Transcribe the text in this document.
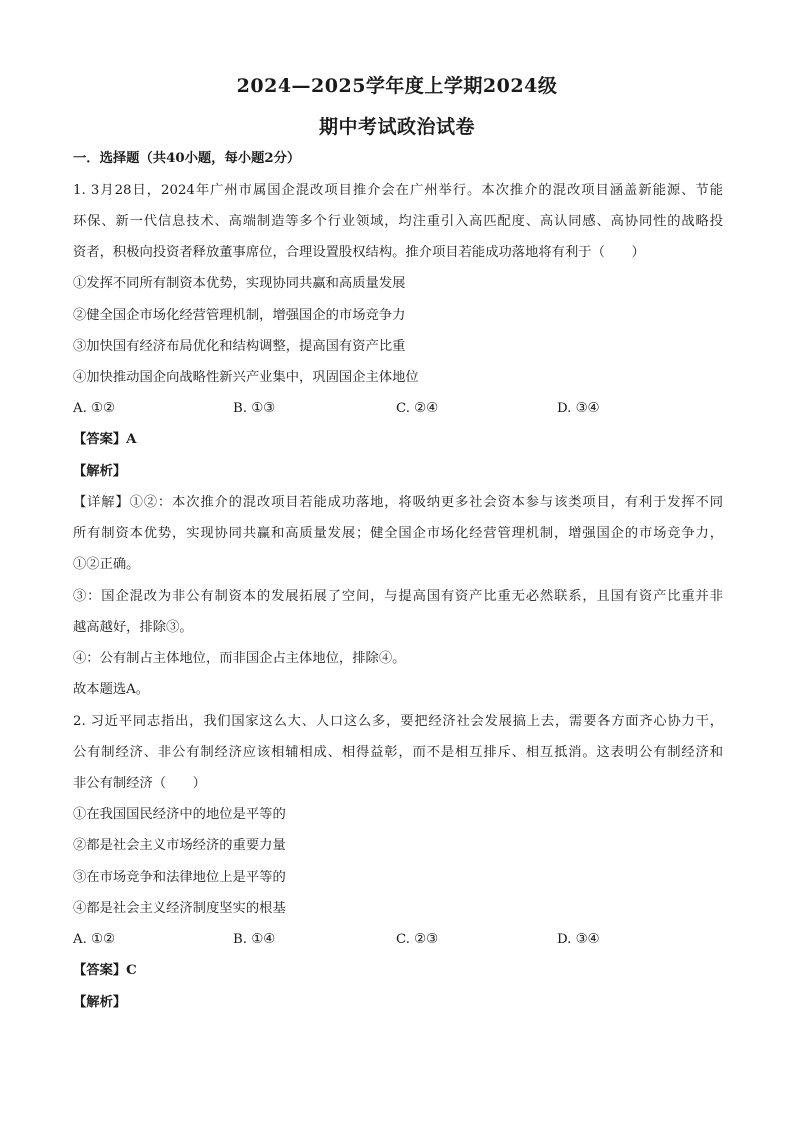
2024—2025学年度上学期2024级
期中考试政治试卷
一．选择题（共40小题，每小题2分）
1. 3月28日，2024年广州市属国企混改项目推介会在广州举行。本次推介的混改项目涵盖新能源、节能
环保、新一代信息技术、高端制造等多个行业领域，均注重引入高匹配度、高认同感、高协同性的战略投
资者，积极向投资者释放董事席位，合理设置股权结构。推介项目若能成功落地将有利于（　　）
①发挥不同所有制资本优势，实现协同共赢和高质量发展
②健全国企市场化经营管理机制，增强国企的市场竞争力
③加快国有经济布局优化和结构调整，提高国有资产比重
④加快推动国企向战略性新兴产业集中，巩固国企主体地位
A. ①②	B. ①③	C. ②④	D. ③④
【答案】A
【解析】
【详解】①②：本次推介的混改项目若能成功落地，将吸纳更多社会资本参与该类项目，有利于发挥不同
所有制资本优势，实现协同共赢和高质量发展；健全国企市场化经营管理机制，增强国企的市场竞争力，
①②正确。
③：国企混改为非公有制资本的发展拓展了空间，与提高国有资产比重无必然联系，且国有资产比重并非
越高越好，排除③。
④：公有制占主体地位，而非国企占主体地位，排除④。
故本题选A。
2. 习近平同志指出，我们国家这么大、人口这么多，要把经济社会发展搞上去，需要各方面齐心协力干，
公有制经济、非公有制经济应该相辅相成、相得益彰，而不是相互排斥、相互抵消。这表明公有制经济和
非公有制经济（　　）
①在我国国民经济中的地位是平等的
②都是社会主义市场经济的重要力量
③在市场竞争和法律地位上是平等的
④都是社会主义经济制度坚实的根基
A. ①②	B. ①④	C. ②③	D. ③④
【答案】C
【解析】
